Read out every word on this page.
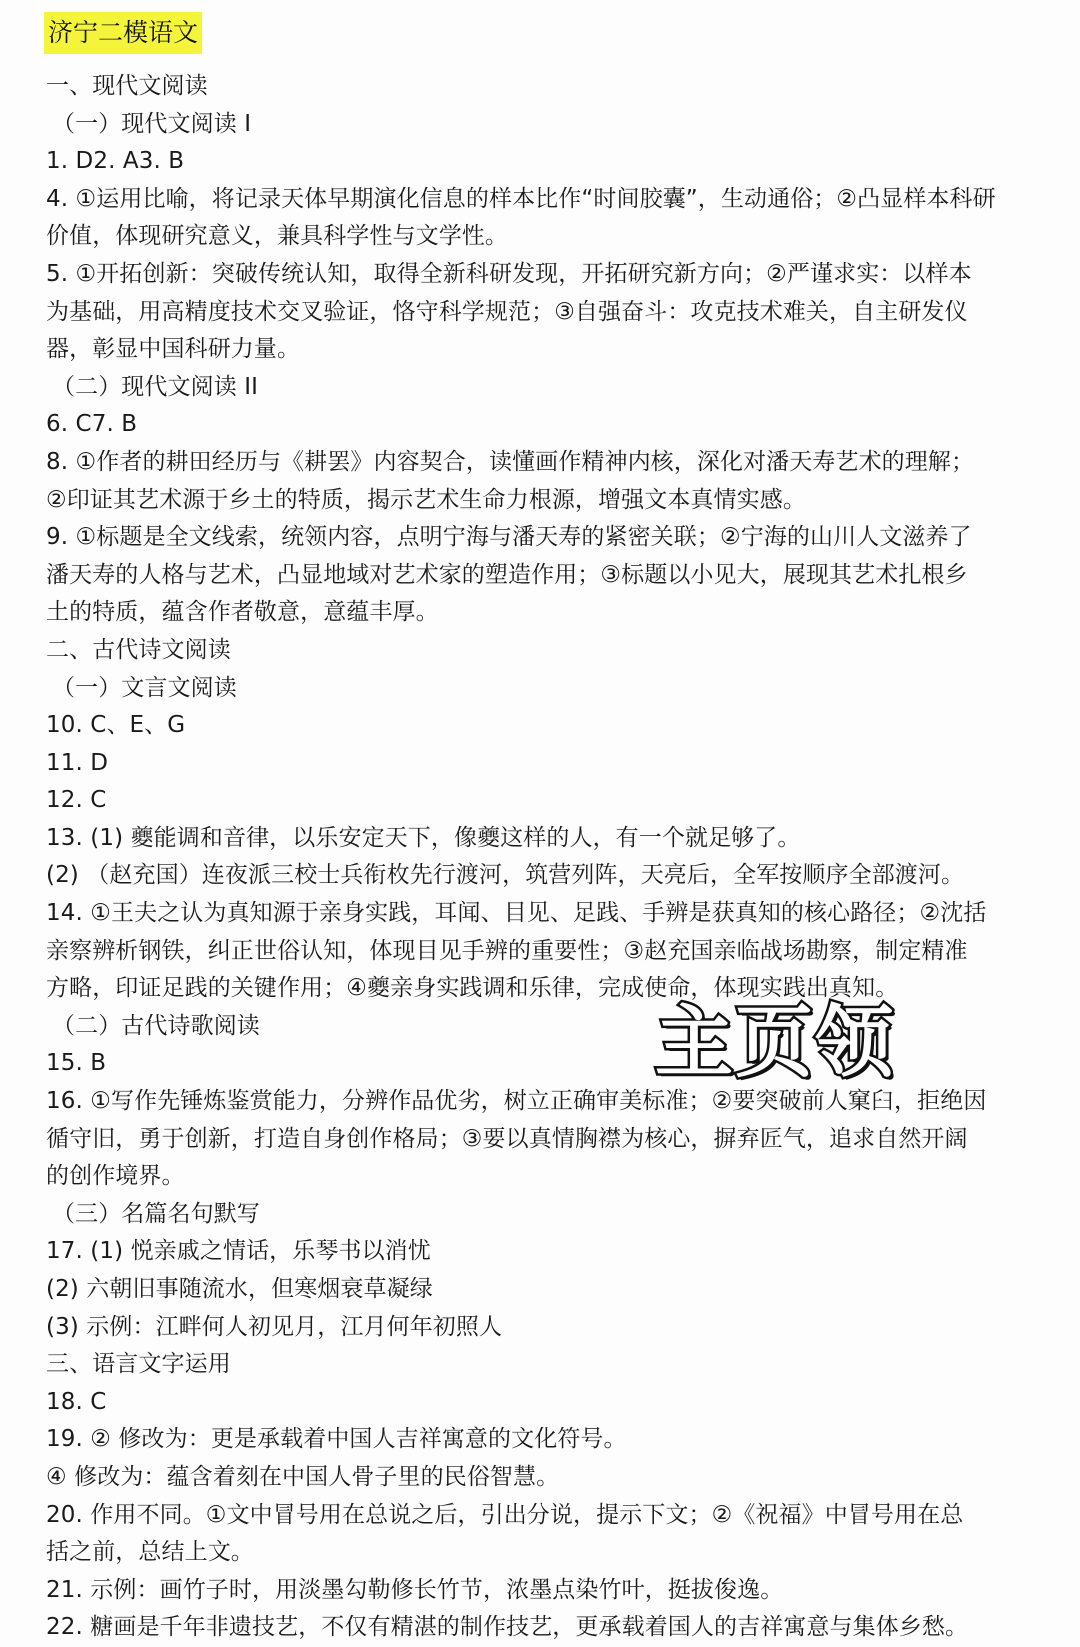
济宁二模语文
一、现代文阅读
（一）现代文阅读 I
1. D2. A3. B
4. ①运用比喻，将记录天体早期演化信息的样本比作“时间胶囊”，生动通俗；②凸显样本科研
价值，体现研究意义，兼具科学性与文学性。
5. ①开拓创新：突破传统认知，取得全新科研发现，开拓研究新方向；②严谨求实：以样本
为基础，用高精度技术交叉验证，恪守科学规范；③自强奋斗：攻克技术难关，自主研发仪
器，彰显中国科研力量。
（二）现代文阅读 II
6. C7. B
8. ①作者的耕田经历与《耕罢》内容契合，读懂画作精神内核，深化对潘天寿艺术的理解；
②印证其艺术源于乡土的特质，揭示艺术生命力根源，增强文本真情实感。
9. ①标题是全文线索，统领内容，点明宁海与潘天寿的紧密关联；②宁海的山川人文滋养了
潘天寿的人格与艺术，凸显地域对艺术家的塑造作用；③标题以小见大，展现其艺术扎根乡
土的特质，蕴含作者敬意，意蕴丰厚。
二、古代诗文阅读
（一）文言文阅读
10. C、E、G
11. D
12. C
13. (1) 夔能调和音律，以乐安定天下，像夔这样的人，有一个就足够了。
(2) （赵充国）连夜派三校士兵衔枚先行渡河，筑营列阵，天亮后，全军按顺序全部渡河。
14. ①王夫之认为真知源于亲身实践，耳闻、目见、足践、手辨是获真知的核心路径；②沈括
亲察辨析钢铁，纠正世俗认知，体现目见手辨的重要性；③赵充国亲临战场勘察，制定精准
方略，印证足践的关键作用；④夔亲身实践调和乐律，完成使命，体现实践出真知。
（二）古代诗歌阅读
15. B
16. ①写作先锤炼鉴赏能力，分辨作品优劣，树立正确审美标准；②要突破前人窠臼，拒绝因
循守旧，勇于创新，打造自身创作格局；③要以真情胸襟为核心，摒弃匠气，追求自然开阔
的创作境界。
（三）名篇名句默写
17. (1) 悦亲戚之情话，乐琴书以消忧
(2) 六朝旧事随流水，但寒烟衰草凝绿
(3) 示例：江畔何人初见月，江月何年初照人
三、语言文字运用
18. C
19. ② 修改为：更是承载着中国人吉祥寓意的文化符号。
④ 修改为：蕴含着刻在中国人骨子里的民俗智慧。
20. 作用不同。①文中冒号用在总说之后，引出分说，提示下文；②《祝福》中冒号用在总
括之前，总结上文。
21. 示例：画竹子时，用淡墨勾勒修长竹节，浓墨点染竹叶，挺拔俊逸。
22. 糖画是千年非遗技艺，不仅有精湛的制作技艺，更承载着国人的吉祥寓意与集体乡愁。
主页领
